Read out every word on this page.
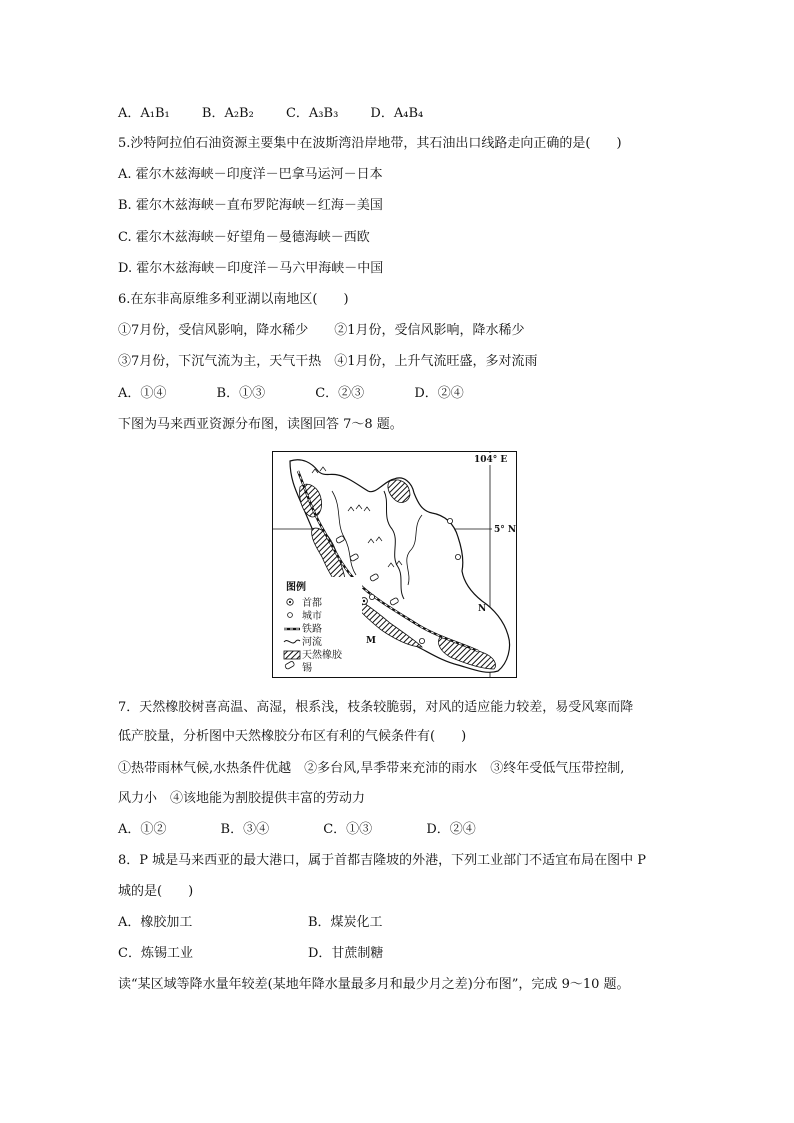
A．A₁B₁ B．A₂B₂ C．A₃B₃ D．A₄B₄
5.沙特阿拉伯石油资源主要集中在波斯湾沿岸地带，其石油出口线路走向正确的是(　　)
A. 霍尔木兹海峡－印度洋－巴拿马运河－日本
B. 霍尔木兹海峡－直布罗陀海峡－红海－美国
C. 霍尔木兹海峡－好望角－曼德海峡－西欧
D. 霍尔木兹海峡－印度洋－马六甲海峡－中国
6.在东非高原维多利亚湖以南地区(　　)
①7月份，受信风影响，降水稀少　　②1月份，受信风影响，降水稀少
③7月份，下沉气流为主，天气干热　④1月份，上升气流旺盛，多对流雨
A．①④	B．①③	C．②③	D．②④
下图为马来西亚资源分布图，读图回答 7～8 题。
104° E
5° N
M
N
图例
首都
城市
铁路
河流
天然橡胶
锡
7．天然橡胶树喜高温、高湿，根系浅，枝条较脆弱，对风的适应能力较差，易受风寒而降
低产胶量，分析图中天然橡胶分布区有利的气候条件有(　　)
①热带雨林气候,水热条件优越　②多台风,旱季带来充沛的雨水　③终年受低气压带控制,
风力小　④该地能为割胶提供丰富的劳动力
A．①②	B．③④	C．①③	D．②④
8．P 城是马来西亚的最大港口，属于首都吉隆坡的外港，下列工业部门不适宜布局在图中 P
城的是(　　)
A．橡胶加工	B．煤炭化工
C．炼锡工业	D．甘蔗制糖
读“某区域等降水量年较差(某地年降水量最多月和最少月之差)分布图”，完成 9～10 题。
